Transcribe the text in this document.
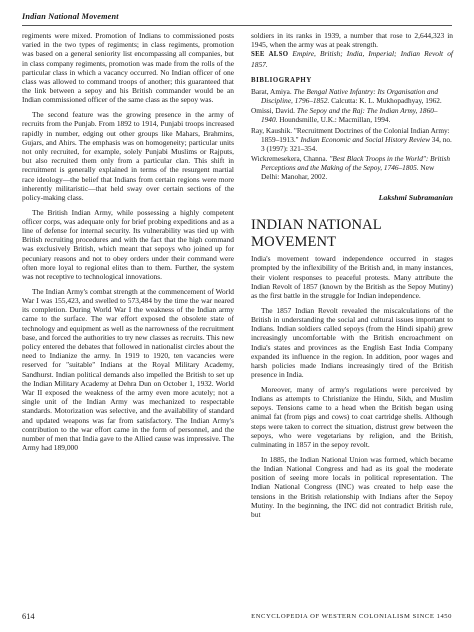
Indian National Movement

regiments were mixed. Promotion of Indians to commissioned posts varied in the two types of regiments; in class regiments, promotion was based on a general seniority list encompassing all companies, but in class company regiments, promotion was made from the rolls of the particular class in which a vacancy occurred. No Indian officer of one class was allowed to command troops of another; this guaranteed that the link between a sepoy and his British commander would be an Indian commissioned officer of the same class as the sepoy was.

The second feature was the growing presence in the army of recruits from the Punjab. From 1892 to 1914, Punjabi troops increased rapidly in number, edging out other groups like Mahars, Brahmins, Gujars, and Ahirs. The emphasis was on homogeneity; particular units not only recruited, for example, solely Punjabi Muslims or Rajputs, but also recruited them only from a particular clan. This shift in recruitment is generally explained in terms of the resurgent martial race ideology—the belief that Indians from certain regions were more inherently militaristic—that held sway over certain sections of the policy-making class.

The British Indian Army, while possessing a highly competent officer corps, was adequate only for brief probing expeditions and as a line of defense for internal security. Its vulnerability was tied up with British recruiting procedures and with the fact that the high command was exclusively British, which meant that sepoys who joined up for pecuniary reasons and not to obey orders under their command were often more loyal to regional elites than to them. Further, the system was not receptive to technological innovations.

The Indian Army's combat strength at the commencement of World War I was 155,423, and swelled to 573,484 by the time the war neared its completion. During World War I the weakness of the Indian army came to the surface. The war effort exposed the obsolete state of technology and equipment as well as the narrowness of the recruitment base, and forced the authorities to try new classes as recruits. This new policy entered the debates that followed in nationalist circles about the need to Indianize the army. In 1919 to 1920, ten vacancies were reserved for "suitable" Indians at the Royal Military Academy, Sandhurst. Indian political demands also impelled the British to set up the Indian Military Academy at Dehra Dun on October 1, 1932. World War II exposed the weakness of the army even more acutely; not a single unit of the Indian Army was mechanized to respectable standards. Motorization was selective, and the availability of standard and updated weapons was far from satisfactory. The Indian Army's contribution to the war effort came in the form of personnel, and the number of men that India gave to the Allied cause was impressive. The Army had 189,000

soldiers in its ranks in 1939, a number that rose to 2,644,323 in 1945, when the army was at peak strength.

SEE ALSO Empire, British; India, Imperial; Indian Revolt of 1857.

BIBLIOGRAPHY
Barat, Amiya. The Bengal Native Infantry: Its Organisation and Discipline, 1796–1852. Calcutta: K. L. Mukhopadhyay, 1962.
Omissi, David. The Sepoy and the Raj: The Indian Army, 1860–1940. Houndsmille, U.K.: Macmillan, 1994.
Ray, Kaushik. "Recruitment Doctrines of the Colonial Indian Army: 1859–1913." Indian Economic and Social History Review 34, no. 3 (1997): 321–354.
Wickremesekera, Channa. "Best Black Troops in the World": British Perceptions and the Making of the Sepoy, 1746–1805. New Delhi: Manohar, 2002.
Lakshmi Subramanian
INDIAN NATIONAL MOVEMENT

India's movement toward independence occurred in stages prompted by the inflexibility of the British and, in many instances, their violent responses to peaceful protests. Many attribute the Indian Revolt of 1857 (known by the British as the Sepoy Mutiny) as the first battle in the struggle for Indian independence.

The 1857 Indian Revolt revealed the miscalculations of the British in understanding the social and cultural issues important to Indians. Indian soldiers called sepoys (from the Hindi sipahi) grew increasingly uncomfortable with the British encroachment on India's states and provinces as the English East India Company expanded its influence in the region. In addition, poor wages and harsh policies made Indians increasingly tired of the British presence in India.

Moreover, many of army's regulations were perceived by Indians as attempts to Christianize the Hindu, Sikh, and Muslim sepoys. Tensions came to a head when the British began using animal fat (from pigs and cows) to coat cartridge shells. Although steps were taken to correct the situation, distrust grew between the sepoys, who were vegetarians by religion, and the British, culminating in 1857 in the sepoy revolt.

In 1885, the Indian National Union was formed, which became the Indian National Congress and had as its goal the moderate position of seeing more locals in political representation. The Indian National Congress (INC) was created to help ease the tensions in the British relationship with Indians after the Sepoy Mutiny. In the beginning, the INC did not contradict British rule, but

614	ENCYCLOPEDIA OF WESTERN COLONIALISM SINCE 1450
